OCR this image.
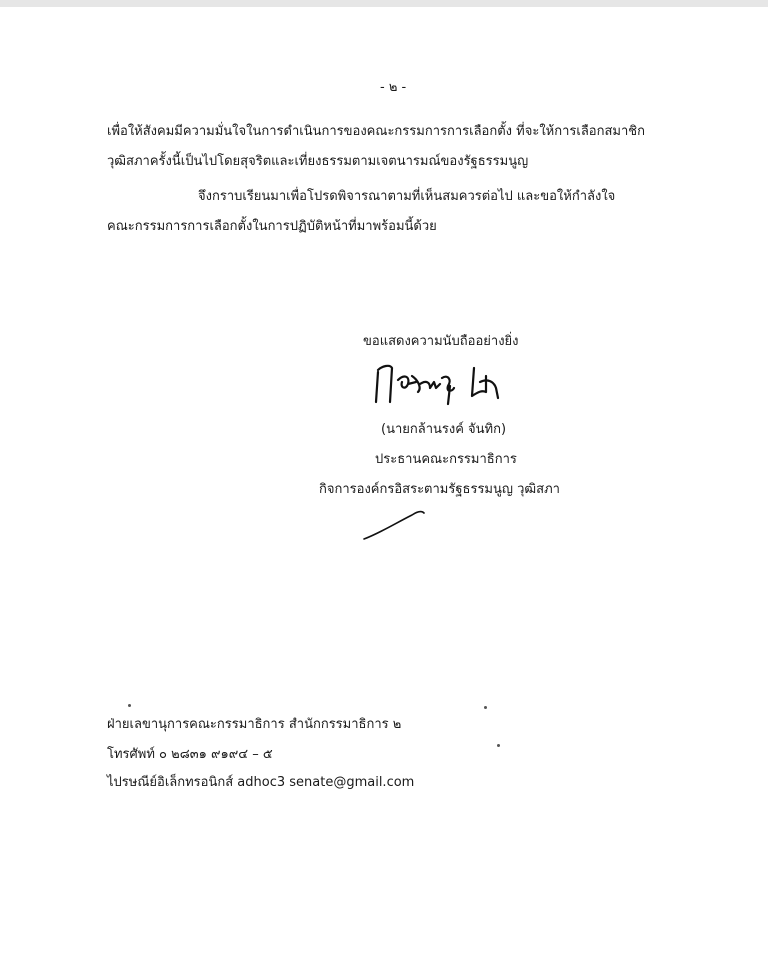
- ๒ -
เพื่อให้สังคมมีความมั่นใจในการดำเนินการของคณะกรรมการการเลือกตั้ง ที่จะให้การเลือกสมาชิก
วุฒิสภาครั้งนี้เป็นไปโดยสุจริตและเที่ยงธรรมตามเจตนารมณ์ของรัฐธรรมนูญ
จึงกราบเรียนมาเพื่อโปรดพิจารณาตามที่เห็นสมควรต่อไป และขอให้กำลังใจ
คณะกรรมการการเลือกตั้งในการปฏิบัติหน้าที่มาพร้อมนี้ด้วย
ขอแสดงความนับถืออย่างยิ่ง
(นายกล้านรงค์ จันทิก)
ประธานคณะกรรมาธิการ
กิจการองค์กรอิสระตามรัฐธรรมนูญ วุฒิสภา
ฝ่ายเลขานุการคณะกรรมาธิการ สำนักกรรมาธิการ ๒
โทรศัพท์ ๐ ๒๘๓๑ ๙๑๙๔ – ๕
ไปรษณีย์อิเล็กทรอนิกส์ adhoc3 senate@gmail.com
